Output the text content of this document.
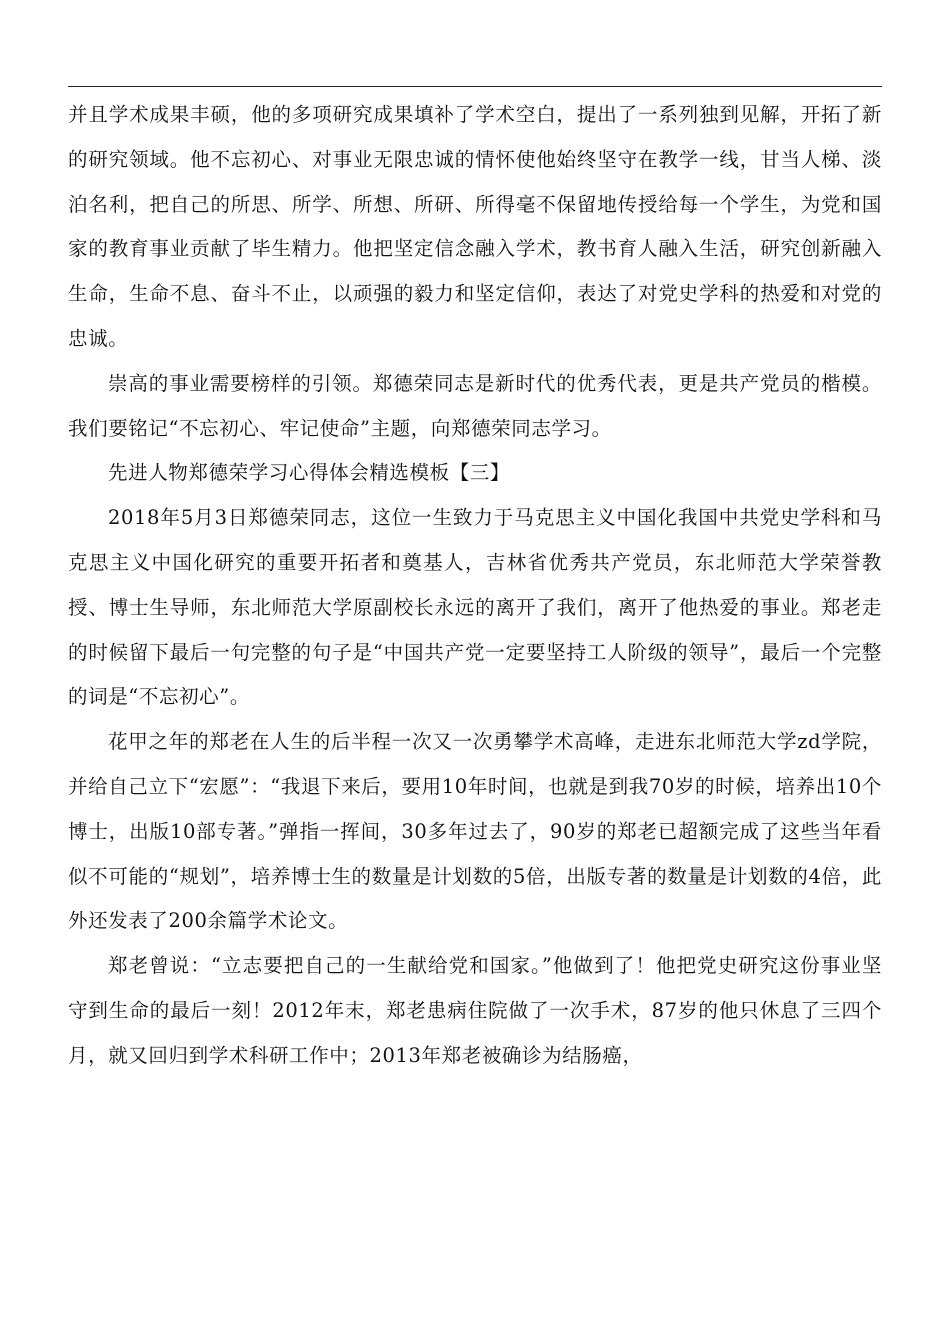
并且学术成果丰硕，他的多项研究成果填补了学术空白，提出了一系列独到见解，开拓了新的研究领域。他不忘初心、对事业无限忠诚的情怀使他始终坚守在教学一线，甘当人梯、淡泊名利，把自己的所思、所学、所想、所研、所得毫不保留地传授给每一个学生，为党和国家的教育事业贡献了毕生精力。他把坚定信念融入学术，教书育人融入生活，研究创新融入生命，生命不息、奋斗不止，以顽强的毅力和坚定信仰，表达了对党史学科的热爱和对党的忠诚。

崇高的事业需要榜样的引领。郑德荣同志是新时代的优秀代表，更是共产党员的楷模。我们要铭记“不忘初心、牢记使命”主题，向郑德荣同志学习。

先进人物郑德荣学习心得体会精选模板【三】

2018年5月3日郑德荣同志，这位一生致力于马克思主义中国化我国中共党史学科和马克思主义中国化研究的重要开拓者和奠基人，吉林省优秀共产党员，东北师范大学荣誉教授、博士生导师，东北师范大学原副校长永远的离开了我们，离开了他热爱的事业。郑老走的时候留下最后一句完整的句子是“中国共产党一定要坚持工人阶级的领导”，最后一个完整的词是“不忘初心”。

花甲之年的郑老在人生的后半程一次又一次勇攀学术高峰，走进东北师范大学zd学院，并给自己立下“宏愿”：“我退下来后，要用10年时间，也就是到我70岁的时候，培养出10个博士，出版10部专著。”弹指一挥间，30多年过去了，90岁的郑老已超额完成了这些当年看似不可能的“规划”，培养博士生的数量是计划数的5倍，出版专著的数量是计划数的4倍，此外还发表了200余篇学术论文。

郑老曾说：“立志要把自己的一生献给党和国家。”他做到了！他把党史研究这份事业坚守到生命的最后一刻！2012年末，郑老患病住院做了一次手术，87岁的他只休息了三四个月，就又回归到学术科研工作中；2013年郑老被确诊为结肠癌，
